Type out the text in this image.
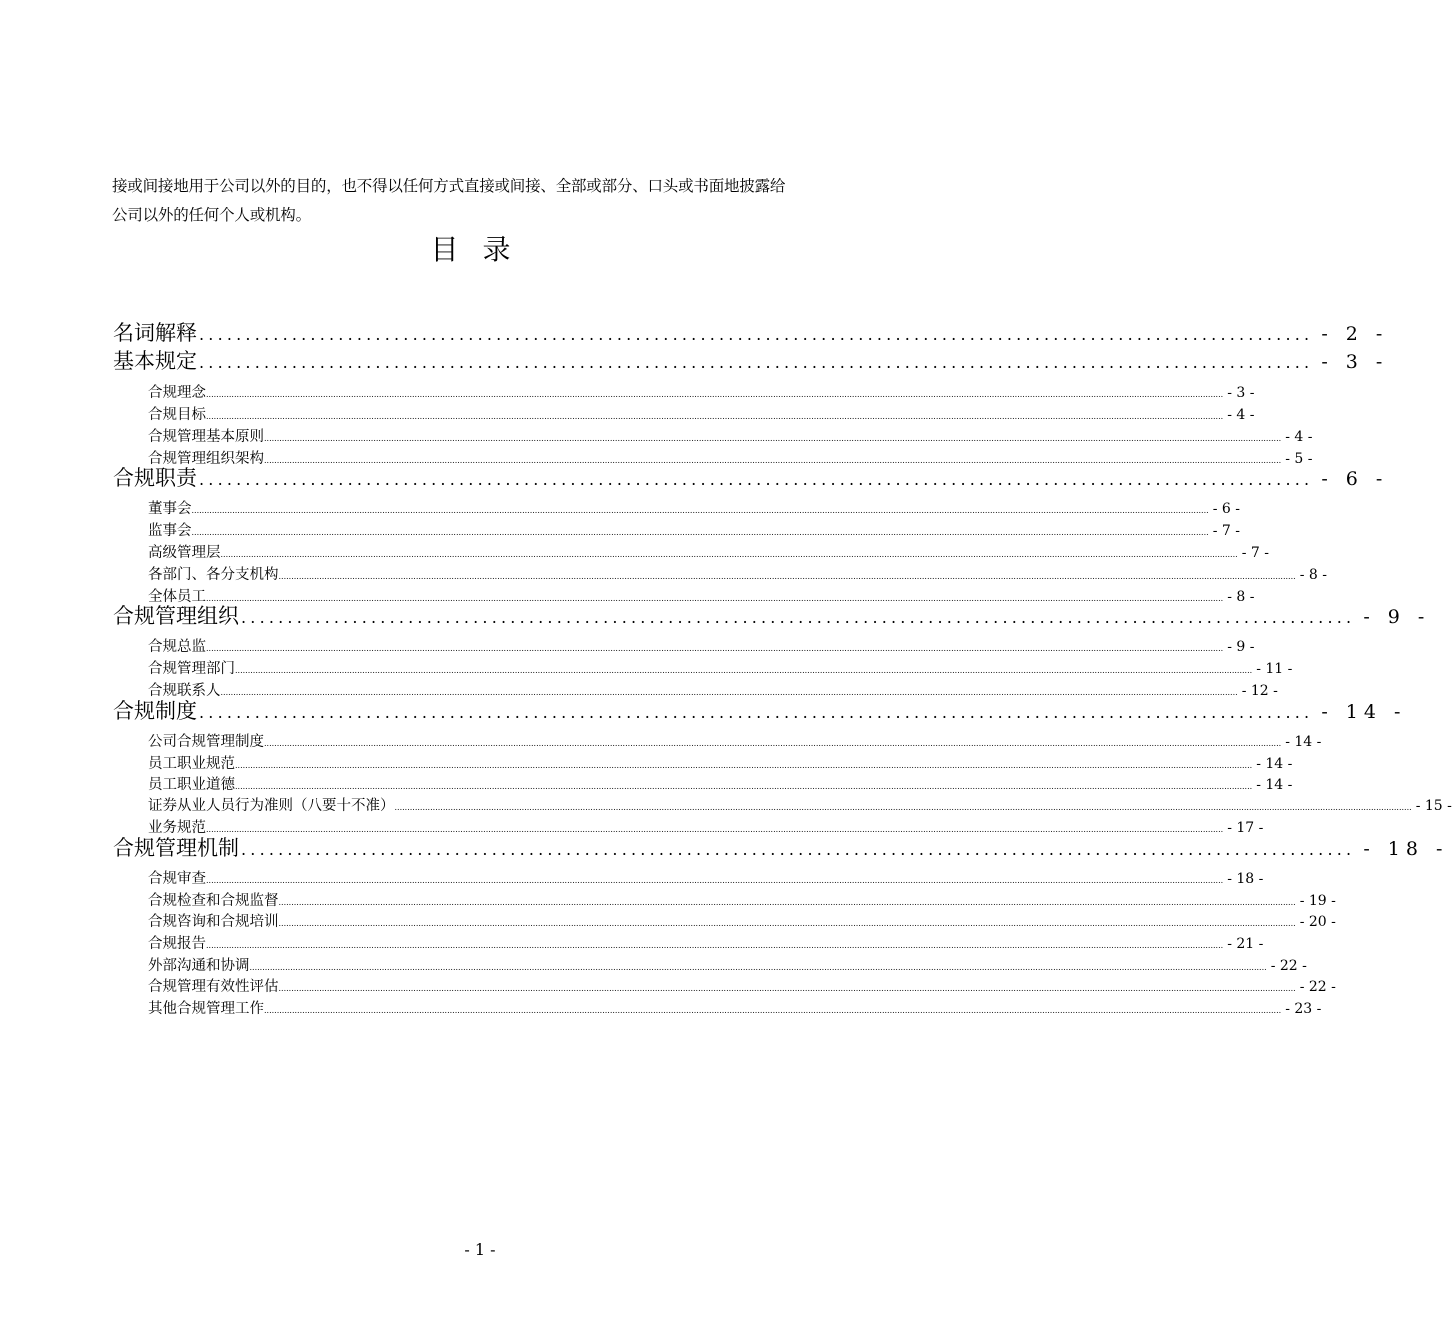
接或间接地用于公司以外的目的，也不得以任何方式直接或间接、全部或部分、口头或书面地披露给
公司以外的任何个人或机构。
目录
名词解释 ........................................................................................................................ - 2 -
基本规定 ........................................................................................................................ - 3 -
合规理念 ................................................................................................................................................................................................................................................................................................................................................................................................................ - 3 -
合规目标 ................................................................................................................................................................................................................................................................................................................................................................................................................ - 4 -
合规管理基本原则 ................................................................................................................................................................................................................................................................................................................................................................................................................ - 4 -
合规管理组织架构 ................................................................................................................................................................................................................................................................................................................................................................................................................ - 5 -
合规职责 ........................................................................................................................ - 6 -
董事会 ................................................................................................................................................................................................................................................................................................................................................................................................................ - 6 -
监事会 ................................................................................................................................................................................................................................................................................................................................................................................................................ - 7 -
高级管理层 ................................................................................................................................................................................................................................................................................................................................................................................................................ - 7 -
各部门、各分支机构 ................................................................................................................................................................................................................................................................................................................................................................................................................ - 8 -
全体员工 ................................................................................................................................................................................................................................................................................................................................................................................................................ - 8 -
合规管理组织 ........................................................................................................................ - 9 -
合规总监 ................................................................................................................................................................................................................................................................................................................................................................................................................ - 9 -
合规管理部门 ................................................................................................................................................................................................................................................................................................................................................................................................................ - 11 -
合规联系人 ................................................................................................................................................................................................................................................................................................................................................................................................................ - 12 -
合规制度 ........................................................................................................................ - 14 -
公司合规管理制度 ................................................................................................................................................................................................................................................................................................................................................................................................................ - 14 -
员工职业规范 ................................................................................................................................................................................................................................................................................................................................................................................................................ - 14 -
员工职业道德 ................................................................................................................................................................................................................................................................................................................................................................................................................ - 14 -
证券从业人员行为准则（八要十不准） ................................................................................................................................................................................................................................................................................................................................................................................................................ - 15 -
业务规范 ................................................................................................................................................................................................................................................................................................................................................................................................................ - 17 -
合规管理机制 ........................................................................................................................ - 18 -
合规审查 ................................................................................................................................................................................................................................................................................................................................................................................................................ - 18 -
合规检查和合规监督 ................................................................................................................................................................................................................................................................................................................................................................................................................ - 19 -
合规咨询和合规培训 ................................................................................................................................................................................................................................................................................................................................................................................................................ - 20 -
合规报告 ................................................................................................................................................................................................................................................................................................................................................................................................................ - 21 -
外部沟通和协调 ................................................................................................................................................................................................................................................................................................................................................................................................................ - 22 -
合规管理有效性评估 ................................................................................................................................................................................................................................................................................................................................................................................................................ - 22 -
其他合规管理工作 ................................................................................................................................................................................................................................................................................................................................................................................................................ - 23 -
- 1 -
